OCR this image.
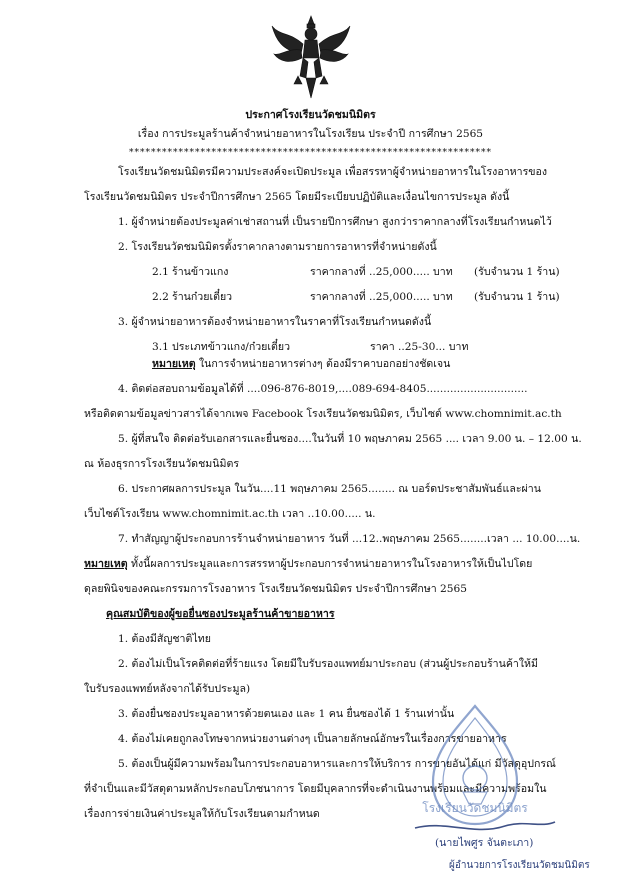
ประกาศโรงเรียนวัดชมนิมิตร
เรื่อง การประมูลร้านค้าจำหน่ายอาหารในโรงเรียน ประจำปี การศึกษา 2565
******************************************************************
โรงเรียนวัดชมนิมิตรมีความประสงค์จะเปิดประมูล เพื่อสรรหาผู้จำหน่ายอาหารในโรงอาหารของ
โรงเรียนวัดชมนิมิตร ประจำปีการศึกษา 2565 โดยมีระเบียบปฏิบัติและเงื่อนไขการประมูล ดังนี้
1. ผู้จำหน่ายต้องประมูลค่าเช่าสถานที่ เป็นรายปีการศึกษา สูงกว่าราคากลางที่โรงเรียนกำหนดไว้
2. โรงเรียนวัดชมนิมิตรตั้งราคากลางตามรายการอาหารที่จำหน่ายดังนี้
2.1 ร้านข้าวแกง	ราคากลางที่ ..25,000..... บาท (รับจำนวน 1 ร้าน)
2.2 ร้านก๋วยเตี๋ยว	ราคากลางที่ ..25,000..... บาท (รับจำนวน 1 ร้าน)
3. ผู้จำหน่ายอาหารต้องจำหน่ายอาหารในราคาที่โรงเรียนกำหนดดังนี้
3.1 ประเภทข้าวแกง/ก๋วยเตี๋ยว	ราคา ..25-30... บาท
หมายเหตุ ในการจำหน่ายอาหารต่างๆ ต้องมีราคาบอกอย่างชัดเจน
4. ติดต่อสอบถามข้อมูลได้ที่ ....096-876-8019,....089-694-8405..............................
หรือติดตามข้อมูลข่าวสารได้จากเพจ Facebook โรงเรียนวัดชมนิมิตร, เว็บไซต์ www.chomnimit.ac.th
5. ผู้ที่สนใจ ติดต่อรับเอกสารและยื่นซอง....ในวันที่ 10 พฤษภาคม 2565 .... เวลา 9.00 น. – 12.00 น.
ณ ห้องธุรการโรงเรียนวัดชมนิมิตร
6. ประกาศผลการประมูล ในวัน....11 พฤษภาคม 2565........ ณ บอร์ดประชาสัมพันธ์และผ่าน
เว็บไซต์โรงเรียน www.chomnimit.ac.th เวลา ..10.00..... น.
7. ทำสัญญาผู้ประกอบการร้านจำหน่ายอาหาร วันที่ ...12..พฤษภาคม 2565........เวลา ... 10.00....น.
หมายเหตุ ทั้งนี้ผลการประมูลและการสรรหาผู้ประกอบการจำหน่ายอาหารในโรงอาหารให้เป็นไปโดย
ดุลยพินิจของคณะกรรมการโรงอาหาร โรงเรียนวัดชมนิมิตร ประจำปีการศึกษา 2565
คุณสมบัติของผู้ขอยื่นซองประมูลร้านค้าขายอาหาร
1. ต้องมีสัญชาติไทย
2. ต้องไม่เป็นโรคติดต่อที่ร้ายแรง โดยมีใบรับรองแพทย์มาประกอบ (ส่วนผู้ประกอบร้านค้าให้มี
ใบรับรองแพทย์หลังจากได้รับประมูล)
3. ต้องยื่นซองประมูลอาหารด้วยตนเอง และ 1 คน ยื่นซองได้ 1 ร้านเท่านั้น
4. ต้องไม่เคยถูกลงโทษจากหน่วยงานต่างๆ เป็นลายลักษณ์อักษรในเรื่องการขายอาหาร
5. ต้องเป็นผู้มีความพร้อมในการประกอบอาหารและการให้บริการ การขายอันได้แก่ มีวัสดุอุปกรณ์
ที่จำเป็นและมีวัสดุตามหลักประกอบโภชนาการ โดยมีบุคลากรที่จะดำเนินงานพร้อมและมีความพร้อมใน
เรื่องการจ่ายเงินค่าประมูลให้กับโรงเรียนตามกำหนด	โรงเรียนวัดชมนิมิตร
(นายไพศูร จันตะเภา)
ผู้อำนวยการโรงเรียนวัดชมนิมิตร
